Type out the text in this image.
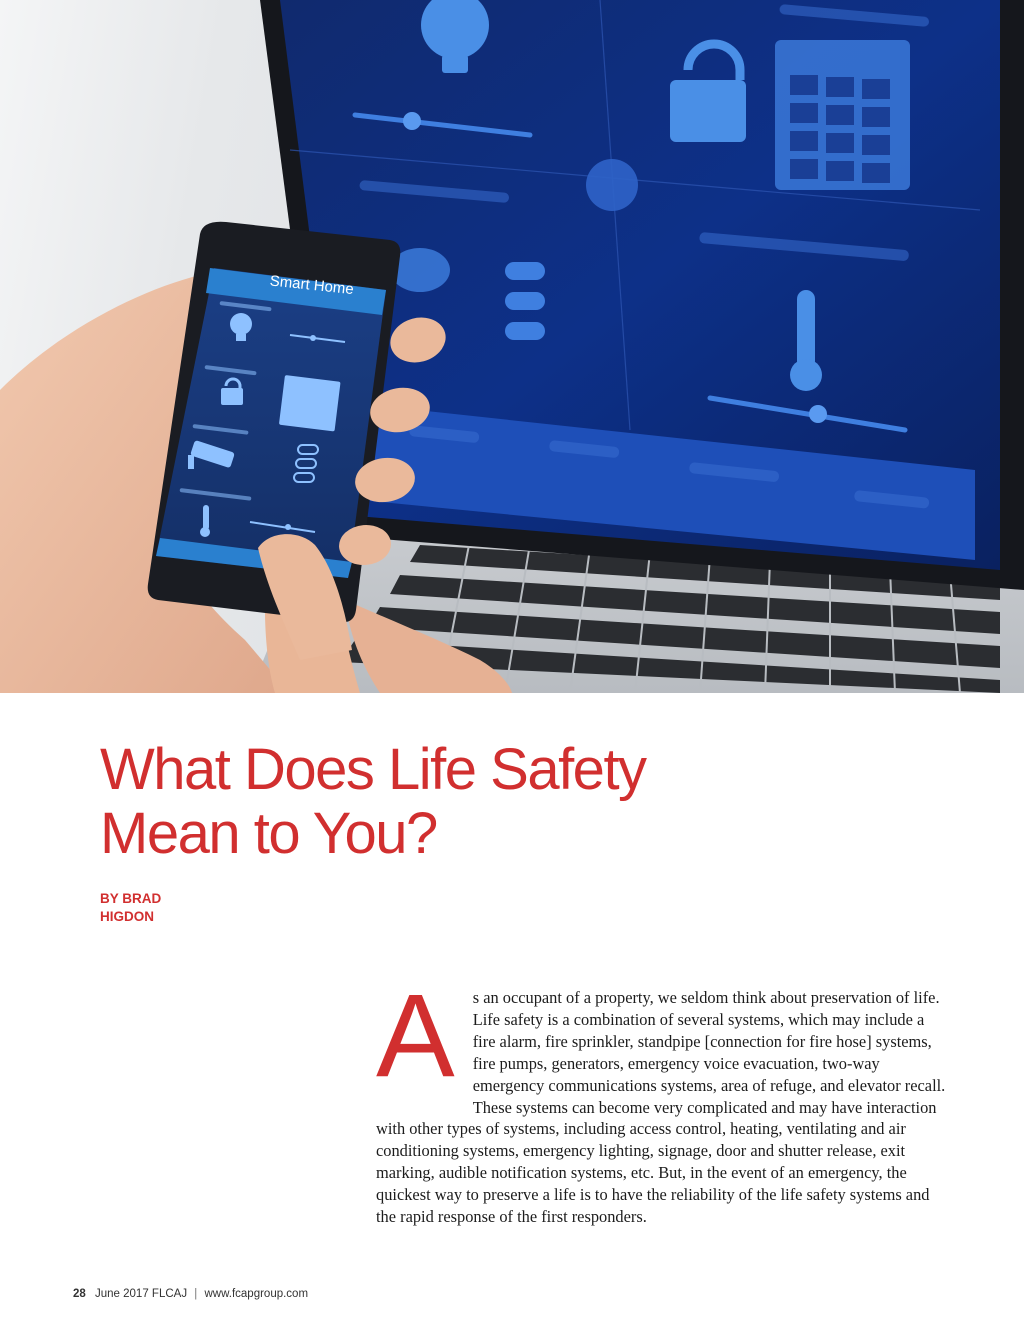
Smart Home
What Does Life Safety
Mean to You?
BY BRAD
HIGDON

A s an occupant of a property, we seldom think about preservation of life. Life safety is a combination of several systems, which may include a fire alarm, fire sprinkler, standpipe [connection for fire hose] systems, fire pumps, generators, emergency voice evacuation, two-way emergency communications systems, area of refuge, and elevator recall. These systems can become very complicated and may have interaction with other types of systems, including access control, heating, ventilating and air conditioning systems, emergency lighting, signage, door and shutter release, exit marking, audible notification systems, etc. But, in the event of an emergency, the quickest way to preserve a life is to have the reliability of the life safety systems and the rapid response of the first responders.

28 June 2017 FLCAJ | www.fcapgroup.com
